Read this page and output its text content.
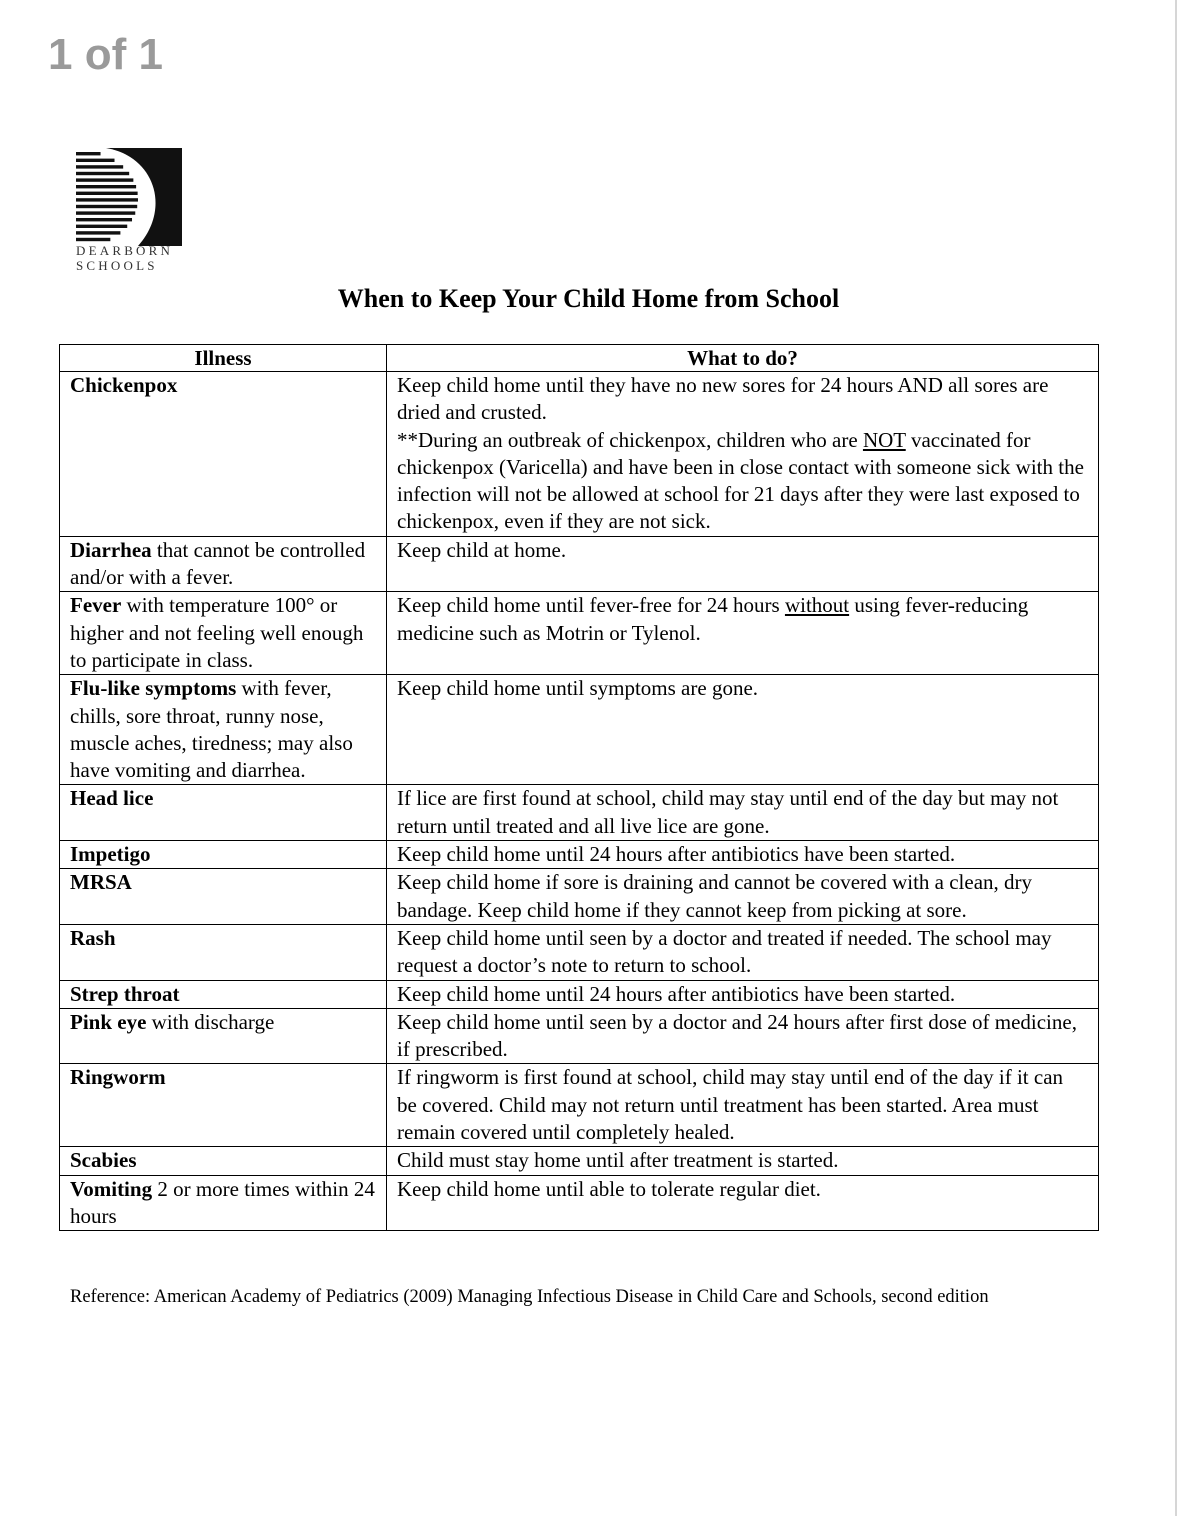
1 of 1
DEARBORN
SCHOOLS
When to Keep Your Child Home from School
Illness	What to do?
Chickenpox	Keep child home until they have no new sores for 24 hours AND all sores are dried and crusted.
**During an outbreak of chickenpox, children who are NOT vaccinated for chickenpox (Varicella) and have been in close contact with someone sick with the infection will not be allowed at school for 21 days after they were last exposed to chickenpox, even if they are not sick.
Diarrhea that cannot be controlled and/or with a fever.	Keep child at home.
Fever with temperature 100° or higher and not feeling well enough to participate in class.	Keep child home until fever-free for 24 hours without using fever-reducing medicine such as Motrin or Tylenol.
Flu-like symptoms with fever, chills, sore throat, runny nose, muscle aches, tiredness; may also have vomiting and diarrhea.	Keep child home until symptoms are gone.
Head lice	If lice are first found at school, child may stay until end of the day but may not return until treated and all live lice are gone.
Impetigo	Keep child home until 24 hours after antibiotics have been started.
MRSA	Keep child home if sore is draining and cannot be covered with a clean, dry bandage. Keep child home if they cannot keep from picking at sore.
Rash	Keep child home until seen by a doctor and treated if needed. The school may request a doctor’s note to return to school.
Strep throat	Keep child home until 24 hours after antibiotics have been started.
Pink eye with discharge	Keep child home until seen by a doctor and 24 hours after first dose of medicine, if prescribed.
Ringworm	If ringworm is first found at school, child may stay until end of the day if it can be covered. Child may not return until treatment has been started. Area must remain covered until completely healed.
Scabies	Child must stay home until after treatment is started.
Vomiting 2 or more times within 24 hours	Keep child home until able to tolerate regular diet.
Reference: American Academy of Pediatrics (2009) Managing Infectious Disease in Child Care and Schools, second edition
